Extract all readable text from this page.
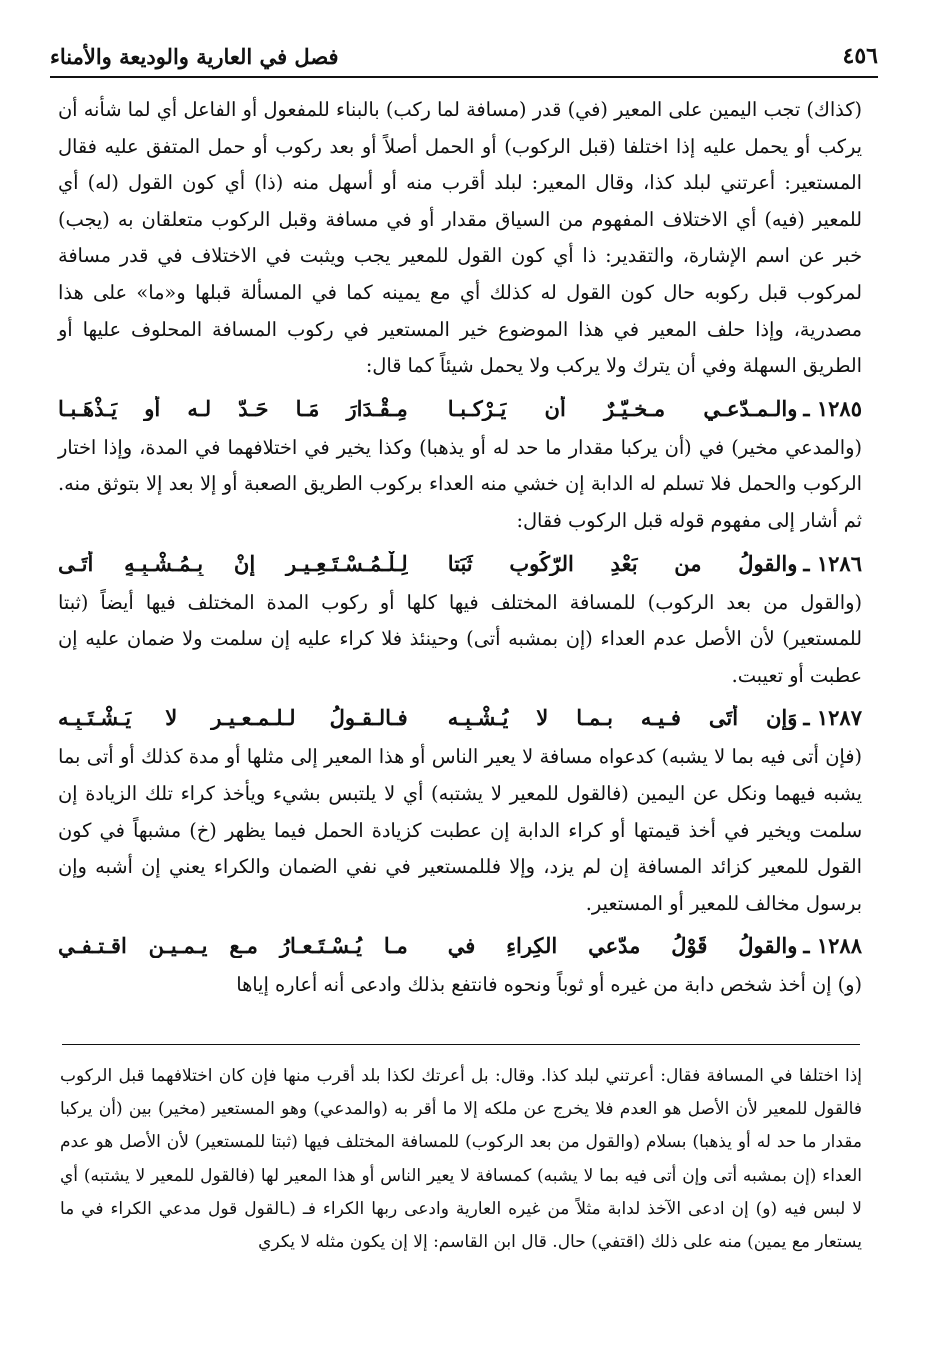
فصل في العارية والوديعة والأمناء	٤٥٦

(كذاك) تجب اليمين على المعير (في) قدر (مسافة لما ركب) بالبناء للمفعول أو الفاعل أي لما شأنه أن يركب أو يحمل عليه إذا اختلفا (قبل الركوب) أو الحمل أصلاً أو بعد ركوب أو حمل المتفق عليه فقال المستعير: أعرتني لبلد كذا، وقال المعير: لبلد أقرب منه أو أسهل منه (ذا) أي كون القول (له) أي للمعير (فيه) أي الاختلاف المفهوم من السياق مقدار أو في مسافة وقبل الركوب متعلقان به (يجب) خبر عن اسم الإشارة، والتقدير: ذا أي كون القول للمعير يجب ويثبت في الاختلاف في قدر مسافة لمركوب قبل ركوبه حال كون القول له كذلك أي مع يمينه كما في المسألة قبلها و«ما» على هذا مصدرية، وإذا حلف المعير في هذا الموضوع خير المستعير في ركوب المسافة المحلوف عليها أو الطريق السهلة وفي أن يترك ولا يركب ولا يحمل شيئاً كما قال:

١٢٨٥ ـ
والـمـدّعـي مـخـيّـرٌ أن يَـرْكـبـا
مِـقْـدَارَ مَـا حَـدّ لـه أو يَـذْهَـبـا

(والمدعي مخير) في (أن يركبا مقدار ما حد له أو يذهبا) وكذا يخير في اختلافهما في المدة، وإذا اختار الركوب والحمل فلا تسلم له الدابة إن خشي منه العداء بركوب الطريق الصعبة أو إلا بعد إلا بتوثق منه. ثم أشار إلى مفهوم قوله قبل الركوب فقال:

١٢٨٦ ـ
والقولُ من بَعْدِ الرّكُوبِ ثَبَتا
لِـلْـمُـسْـتَـعِـيـرِ إنْ بِـمُـشْـبِـهٍ أتَـى

(والقول من بعد الركوب) للمسافة المختلف فيها كلها أو ركوب المدة المختلف فيها أيضاً (ثبتا للمستعير) لأن الأصل عدم العداء (إن بمشبه أتى) وحينئذ فلا كراء عليه إن سلمت ولا ضمان عليه إن عطبت أو تعيبت.

١٢٨٧ ـ
وَإن أتَى فـيـه بـمـا لا يُـشْـبِـه
فـالـقـولُ لـلـمـعـيـر لا يَـشْـتَـبِـه

(فإن أتى فيه بما لا يشبه) كدعواه مسافة لا يعير الناس أو هذا المعير إلى مثلها أو مدة كذلك أو أتى بما يشبه فيهما ونكل عن اليمين (فالقول للمعير لا يشتبه) أي لا يلتبس بشيء ويأخذ كراء تلك الزيادة إن سلمت ويخير في أخذ قيمتها أو كراء الدابة إن عطبت كزيادة الحمل فيما يظهر (خ) مشبهاً في كون القول للمعير كزائد المسافة إن لم يزد، وإلا فللمستعير في نفي الضمان والكراء يعني إن أشبه وإن برسول مخالف للمعير أو المستعير.

١٢٨٨ ـ
والقولُ قَوْلُ مدّعي الكِراءِ في
مـا يُـسْـتَـعـارُ مـع يـمـيـنٍ اقـتـفـي

(و) إن أخذ شخص دابة من غيره أو ثوباً ونحوه فانتفع بذلك وادعى أنه أعاره إياها

إذا اختلفا في المسافة فقال: أعرتني لبلد كذا. وقال: بل أعرتك لكذا بلد أقرب منها فإن كان اختلافهما قبل الركوب فالقول للمعير لأن الأصل هو العدم فلا يخرج عن ملكه إلا ما أقر به (والمدعي) وهو المستعير (مخير) بين (أن يركبا مقدار ما حد له أو يذهبا) بسلام (والقول من بعد الركوب) للمسافة المختلف فيها (ثبتا للمستعير) لأن الأصل هو عدم العداء (إن بمشبه أتى وإن أتى فيه بما لا يشبه) كمسافة لا يعير الناس أو هذا المعير لها (فالقول للمعير لا يشتبه) أي لا لبس فيه (و) إن ادعى الآخذ لدابة مثلاً من غيره العارية وادعى ربها الكراء فـ (ـالقول قول مدعي الكراء في ما يستعار مع يمين) منه على ذلك (اقتفي) حال. قال ابن القاسم: إلا إن يكون مثله لا يكري
